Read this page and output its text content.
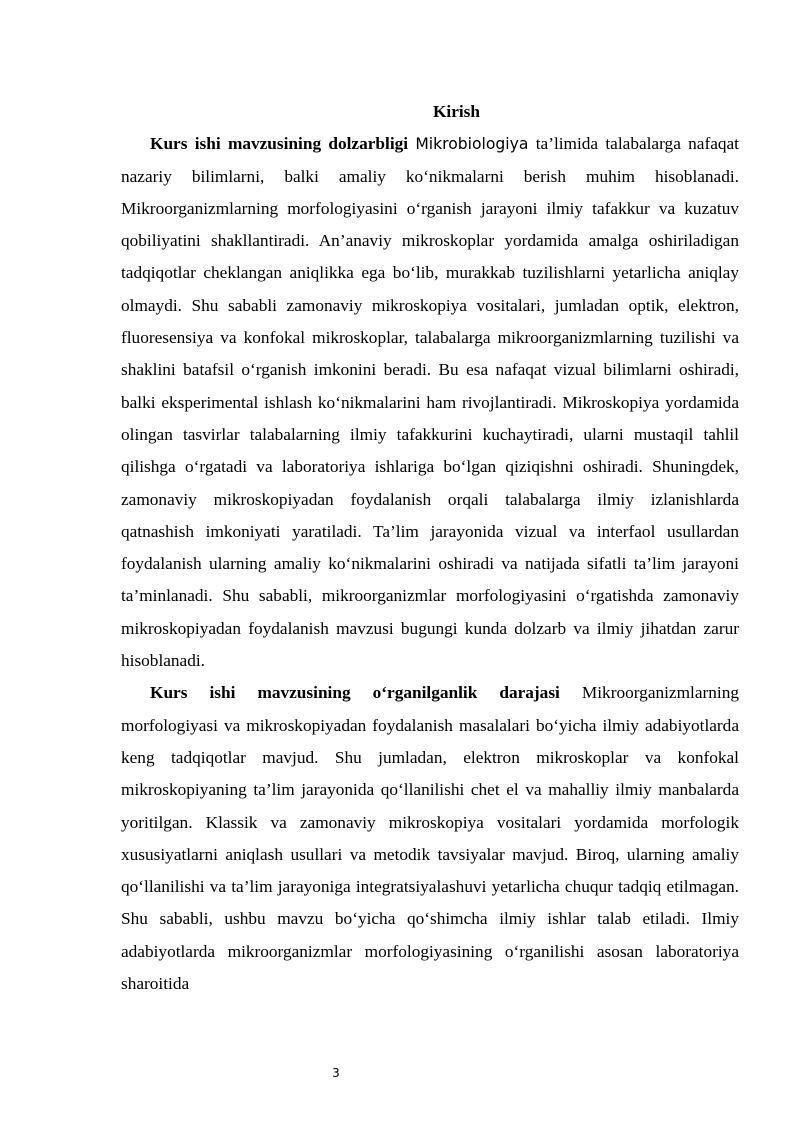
Kirish

Kurs ishi mavzusining dolzarbligi Mikrobiologiya ta’limida talabalarga nafaqat nazariy bilimlarni, balki amaliy ko‘nikmalarni berish muhim hisoblanadi. Mikroorganizmlarning morfologiyasini o‘rganish jarayoni ilmiy tafakkur va kuzatuv qobiliyatini shakllantiradi. An’anaviy mikroskoplar yordamida amalga oshiriladigan tadqiqotlar cheklangan aniqlikka ega bo‘lib, murakkab tuzilishlarni yetarlicha aniqlay olmaydi. Shu sababli zamonaviy mikroskopiya vositalari, jumladan optik, elektron, fluoresensiya va konfokal mikroskoplar, talabalarga mikroorganizmlarning tuzilishi va shaklini batafsil o‘rganish imkonini beradi. Bu esa nafaqat vizual bilimlarni oshiradi, balki eksperimental ishlash ko‘nikmalarini ham rivojlantiradi. Mikroskopiya yordamida olingan tasvirlar talabalarning ilmiy tafakkurini kuchaytiradi, ularni mustaqil tahlil qilishga o‘rgatadi va laboratoriya ishlariga bo‘lgan qiziqishni oshiradi. Shuningdek, zamonaviy mikroskopiyadan foydalanish orqali talabalarga ilmiy izlanishlarda qatnashish imkoniyati yaratiladi. Ta’lim jarayonida vizual va interfaol usullardan foydalanish ularning amaliy ko‘nikmalarini oshiradi va natijada sifatli ta’lim jarayoni ta’minlanadi. Shu sababli, mikroorganizmlar morfologiyasini o‘rgatishda zamonaviy mikroskopiyadan foydalanish mavzusi bugungi kunda dolzarb va ilmiy jihatdan zarur hisoblanadi.

Kurs ishi mavzusining o‘rganilganlik darajasi Mikroorganizmlarning morfologiyasi va mikroskopiyadan foydalanish masalalari bo‘yicha ilmiy adabiyotlarda keng tadqiqotlar mavjud. Shu jumladan, elektron mikroskoplar va konfokal mikroskopiyaning ta’lim jarayonida qo‘llanilishi chet el va mahalliy ilmiy manbalarda yoritilgan. Klassik va zamonaviy mikroskopiya vositalari yordamida morfologik xususiyatlarni aniqlash usullari va metodik tavsiyalar mavjud. Biroq, ularning amaliy qo‘llanilishi va ta’lim jarayoniga integratsiyalashuvi yetarlicha chuqur tadqiq etilmagan. Shu sababli, ushbu mavzu bo‘yicha qo‘shimcha ilmiy ishlar talab etiladi. Ilmiy adabiyotlarda mikroorganizmlar morfologiyasining o‘rganilishi asosan laboratoriya sharoitida

3
